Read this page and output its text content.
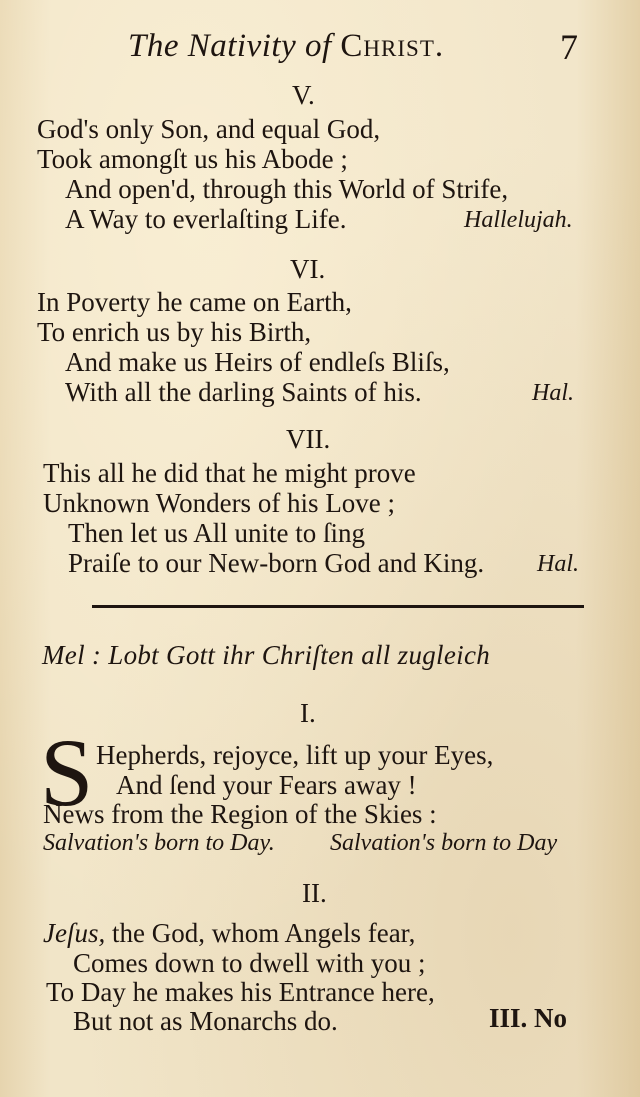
The Nativity of Christ.	7
V.
God's only Son, and equal God,
Took amongſt us his Abode ;
And open'd, through this World of Strife,
A Way to everlaſting Life.	Hallelujah.
VI.
In Poverty he came on Earth,
To enrich us by his Birth,
And make us Heirs of endleſs Bliſs,
With all the darling Saints of his.	Hal.
VII.
This all he did that he might prove
Unknown Wonders of his Love ;
Then let us All unite to ſing
Praiſe to our New-born God and King. Hal.
Mel : Lobt Gott ihr Chriſten all zugleich
I.
S Hepherds, rejoyce, lift up your Eyes,
And ſend your Fears away !
News from the Region of the Skies :
Salvation's born to Day. Salvation's born to Day
II.
Jeſus, the God, whom Angels fear,
Comes down to dwell with you ;
To Day he makes his Entrance here,
But not as Monarchs do.	III. No
